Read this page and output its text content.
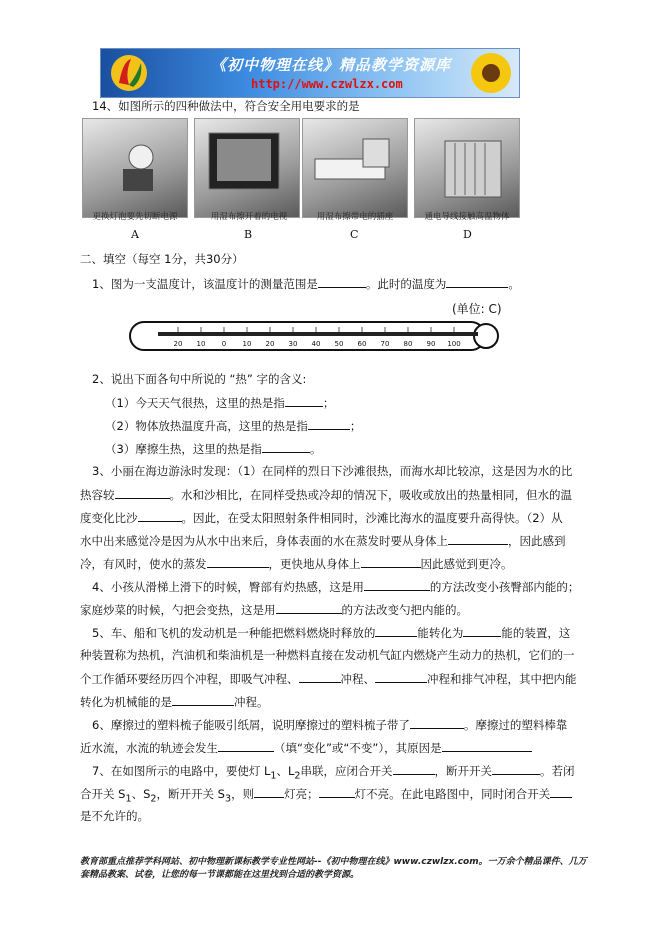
《初中物理在线》精品教学资源库
http://www.czwlzx.com
14、如图所示的四种做法中，符合安全用电要求的是
更换灯泡要先切断电源	用湿布擦开着的电视	用湿布擦带电的插座	通电导线接触高温物体
A	B	C	D
二、填空（每空 1分，共30分）
1、图为一支温度计，该温度计的测量范围是	。此时的温度为	。
(单位: C)
20 10 0 10 20 30 40 50 60 70 80 90 100
2、说出下面各句中所说的 “热” 字的含义:
（1）今天天气很热，这里的热是指	；
（2）物体放热温度升高，这里的热是指	；
（3）摩擦生热，这里的热是指	。
3、小丽在海边游泳时发现：（1）在同样的烈日下沙滩很热，而海水却比较凉，这是因为水的比
热容较	。水和沙相比，在同样受热或冷却的情况下，吸收或放出的热量相同，但水的温
度变化比沙	。因此，在受太阳照射条件相同时，沙滩比海水的温度要升高得快。（2）从
水中出来感觉冷是因为从水中出来后，身体表面的水在蒸发时要从身体上	，因此感到
冷，有风时，使水的蒸发	，更快地从身体上	因此感觉到更冷。
4、小孩从滑梯上滑下的时候，臀部有灼热感，这是用	的方法改变小孩臀部内能的；
家庭炒菜的时候，勺把会变热，这是用	的方法改变勺把内能的。
5、车、船和飞机的发动机是一种能把燃料燃烧时释放的	能转化为	能的装置，这
种装置称为热机，汽油机和柴油机是一种燃料直接在发动机气缸内燃烧产生动力的热机，它们的一
个工作循环要经历四个冲程，即吸气冲程、	冲程、	冲程和排气冲程，其中把内能
转化为机械能的是	冲程。
6、摩擦过的塑料梳子能吸引纸屑，说明摩擦过的塑料梳子带了	。摩擦过的塑料棒靠
近水流，水流的轨迹会发生	（填“变化”或“不变”），其原因是
7、在如图所示的电路中，要使灯 $L_1$、$L_2$串联，应闭合开关	，断开开关	。若闭
合开关 $S_1$、$S_2$，断开开关 $S_3$，则	灯亮；	灯不亮。在此电路图中，同时闭合开关
是不允许的。
教育部重点推荐学科网站、初中物理新课标教学专业性网站--《初中物理在线》www.czwlzx.com。一万余个精品课件、几万套精品教案、试卷，让您的每一节课都能在这里找到合适的教学资源。
